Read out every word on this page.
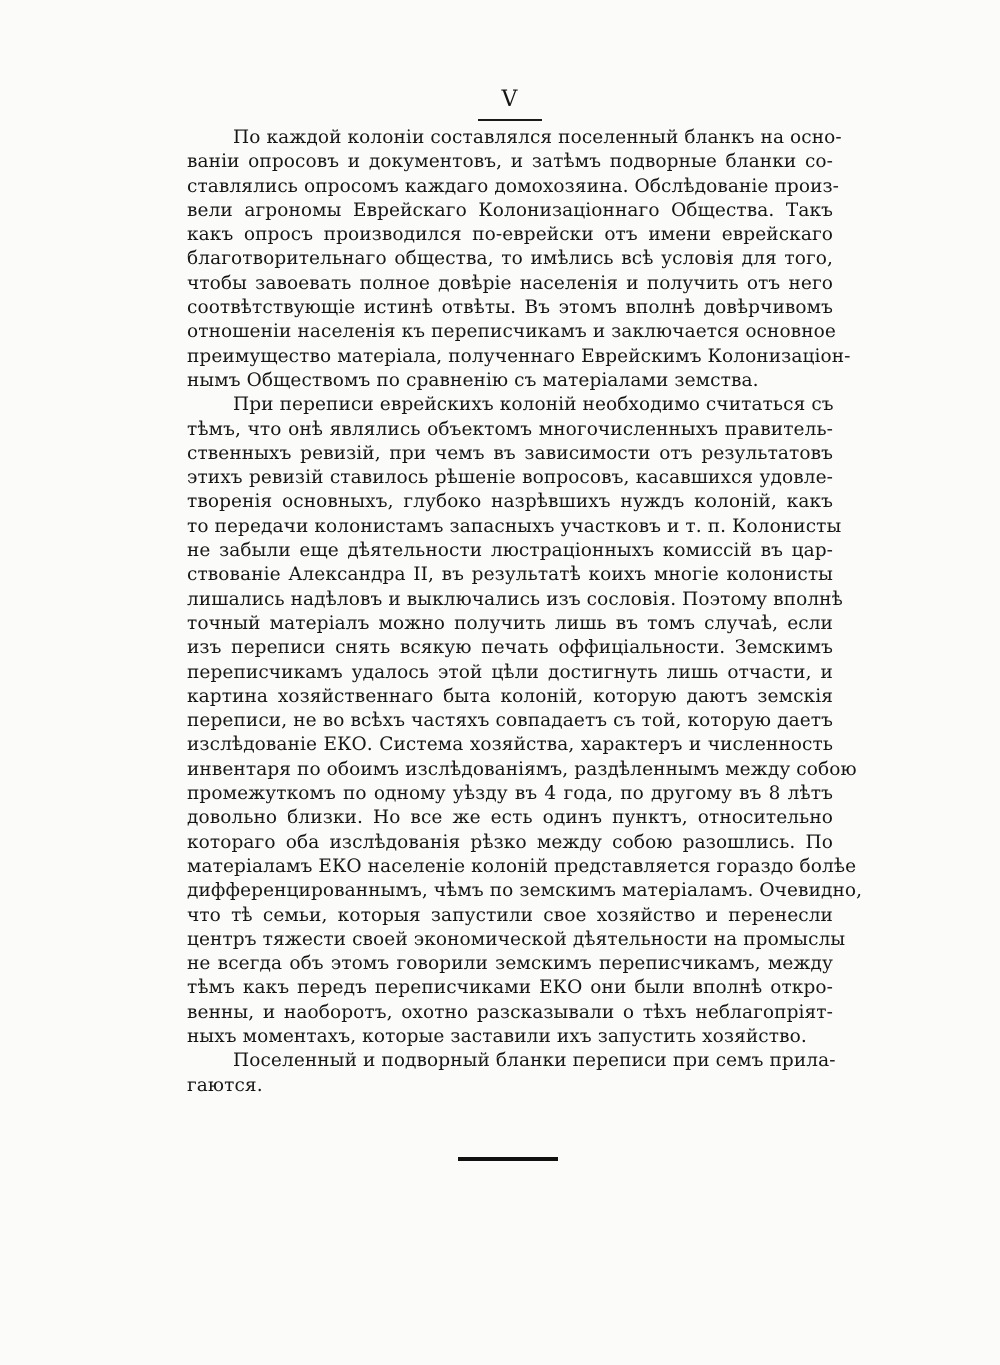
V
По каждой колоніи составлялся поселенный бланкъ на осно-
ваніи опросовъ и документовъ, и затѣмъ подворные бланки со-
ставлялись опросомъ каждаго домохозяина. Обслѣдованіе произ-
вели агрономы Еврейскаго Колонизаціоннаго Общества. Такъ
какъ опросъ производился по-еврейски отъ имени еврейскаго
благотворительнаго общества, то имѣлись всѣ условія для того,
чтобы завоевать полное довѣріе населенія и получить отъ него
соотвѣтствующіе истинѣ отвѣты. Въ этомъ вполнѣ довѣрчивомъ
отношеніи населенія къ переписчикамъ и заключается основное
преимущество матеріала, полученнаго Еврейскимъ Колонизаціон-
нымъ Обществомъ по сравненію съ матеріалами земства.
При переписи еврейскихъ колоній необходимо считаться съ
тѣмъ, что онѣ являлись объектомъ многочисленныхъ правитель-
ственныхъ ревизій, при чемъ въ зависимости отъ результатовъ
этихъ ревизій ставилось рѣшеніе вопросовъ, касавшихся удовле-
творенія основныхъ, глубоко назрѣвшихъ нуждъ колоній, какъ
то передачи колонистамъ запасныхъ участковъ и т. п. Колонисты
не забыли еще дѣятельности люстраціонныхъ комиссій въ цар-
ствованіе Александра II, въ результатѣ коихъ многіе колонисты
лишались надѣловъ и выключались изъ сословія. Поэтому вполнѣ
точный матеріалъ можно получить лишь въ томъ случаѣ, если
изъ переписи снять всякую печать оффиціальности. Земскимъ
переписчикамъ удалось этой цѣли достигнуть лишь отчасти, и
картина хозяйственнаго быта колоній, которую даютъ земскія
переписи, не во всѣхъ частяхъ совпадаетъ съ той, которую даетъ
изслѣдованіе ЕКО. Система хозяйства, характеръ и численность
инвентаря по обоимъ изслѣдованіямъ, раздѣленнымъ между собою
промежуткомъ по одному уѣзду въ 4 года, по другому въ 8 лѣтъ
довольно близки. Но все же есть одинъ пунктъ, относительно
котораго оба изслѣдованія рѣзко между собою разошлись. По
матеріаламъ ЕКО населеніе колоній представляется гораздо болѣе
дифференцированнымъ, чѣмъ по земскимъ матеріаламъ. Очевидно,
что тѣ семьи, которыя запустили свое хозяйство и перенесли
центръ тяжести своей экономической дѣятельности на промыслы
не всегда объ этомъ говорили земскимъ переписчикамъ, между
тѣмъ какъ передъ переписчиками ЕКО они были вполнѣ откро-
венны, и наоборотъ, охотно разсказывали о тѣхъ неблагопріят-
ныхъ моментахъ, которые заставили ихъ запустить хозяйство.
Поселенный и подворный бланки переписи при семъ прила-
гаются.
